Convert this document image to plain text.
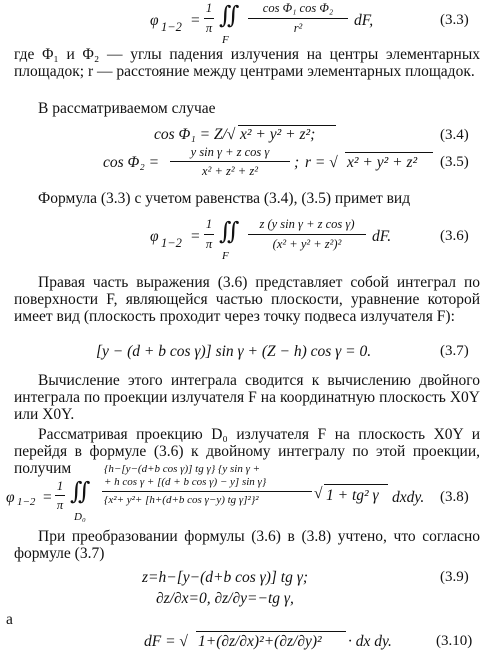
φ 1−2 =
1
π ∬
F
cos Φ₁ cos Φ₂
r²	dF,	(3.3)

где Φ₁ и Φ₂ — углы падения излучения на центры элементарных площадок; r — расстояние между центрами элементарных площадок.

В рассматриваемом случае

cos Φ₁ = Z/√ x² + y² + z²;	(3.4)
cos Φ₂ =
y sin γ + z cos γ
x² + z² + z²	; r = √ x² + y² + z² (3.5)

Формула (3.3) с учетом равенства (3.4), (3.5) примет вид

φ 1−2 =
1
π ∬
F
z (y sin γ + z cos γ)
(x² + y² + z²)²	dF.	(3.6)

Правая часть выражения (3.6) представляет собой интеграл по поверхности F, являющейся частью плоскости, уравнение которой имеет вид (плоскость проходит через точку подвеса излучателя F):

[y − (d + b cos γ)] sin γ + (Z − h) cos γ = 0.	(3.7)

Вычисление этого интеграла сводится к вычислению двойного интеграла по проекции излучателя F на координатную плоскость X0Y или X0Y.

Рассматривая проекцию D₀ излучателя F на плоскость X0Y и перейдя в формуле (3.6) к двойному интегралу по этой проекции, получим

φ 1−2 =
1
π ∬
D₀
{h−[y−(d+b cos γ)] tg γ} {y sin γ +
+ h cos γ + [(d + b cos γ) − y] sin γ}
{x²+ y²+ [h+(d+b cos γ−y) tg γ]²}²	√ 1 + tg² γ dxdy. (3.8)

При преобразовании формулы (3.6) в (3.8) учтено, что согласно формуле (3.7)

z=h−[y−(d+b cos γ)] tg γ;
∂z/∂x=0, ∂z/∂y=−tg γ,
(3.9)
а
dF = √ 1+(∂z/∂x)²+(∂z/∂y)² · dx dy.	(3.10)
